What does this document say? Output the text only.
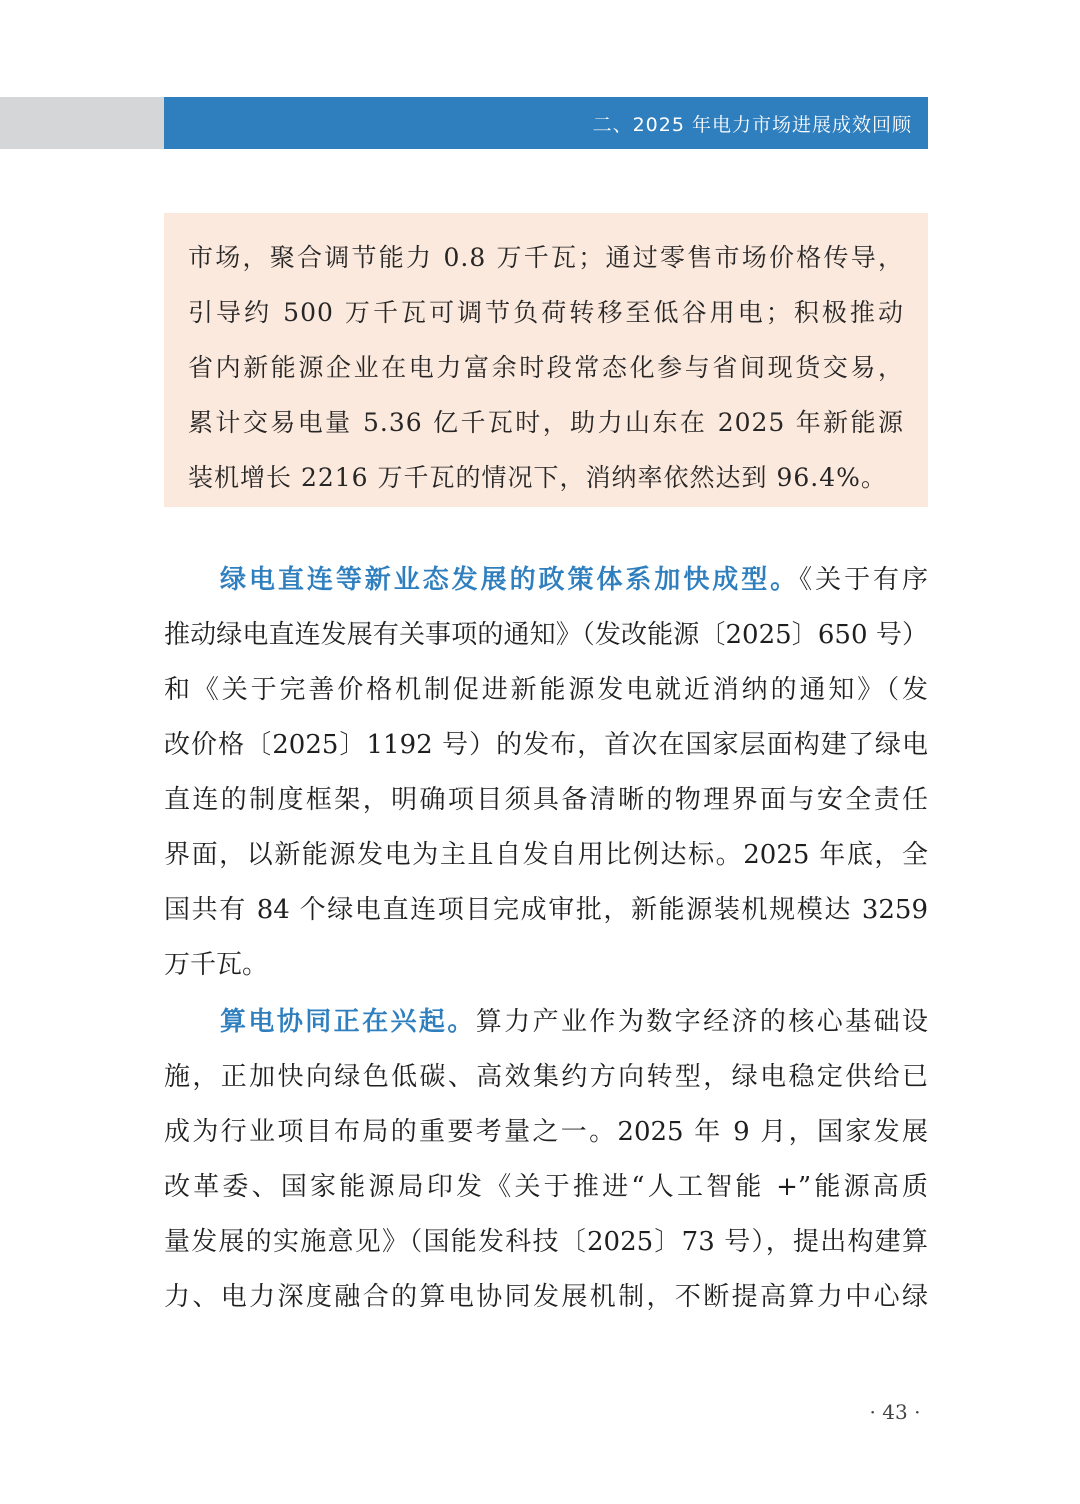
二、2025 年电力市场进展成效回顾
市场，聚合调节能力 0.8 万千瓦；通过零售市场价格传导，
引导约 500 万千瓦可调节负荷转移至低谷用电；积极推动
省内新能源企业在电力富余时段常态化参与省间现货交易，
累计交易电量 5.36 亿千瓦时，助力山东在 2025 年新能源
装机增长 2216 万千瓦的情况下，消纳率依然达到 96.4%。
绿电直连等新业态发展的政策体系加快成型。《关于有序
推动绿电直连发展有关事项的通知》（发改能源〔2025〕650 号）
和《关于完善价格机制促进新能源发电就近消纳的通知》（发
改价格〔2025〕1192 号）的发布，首次在国家层面构建了绿电
直连的制度框架，明确项目须具备清晰的物理界面与安全责任
界面，以新能源发电为主且自发自用比例达标。2025 年底，全
国共有 84 个绿电直连项目完成审批，新能源装机规模达 3259
万千瓦。
算电协同正在兴起。算力产业作为数字经济的核心基础设
施，正加快向绿色低碳、高效集约方向转型，绿电稳定供给已
成为行业项目布局的重要考量之一。2025 年 9 月，国家发展
改革委、国家能源局印发《关于推进“人工智能 +”能源高质
量发展的实施意见》（国能发科技〔2025〕73 号），提出构建算
力、电力深度融合的算电协同发展机制，不断提高算力中心绿
· 43 ·
